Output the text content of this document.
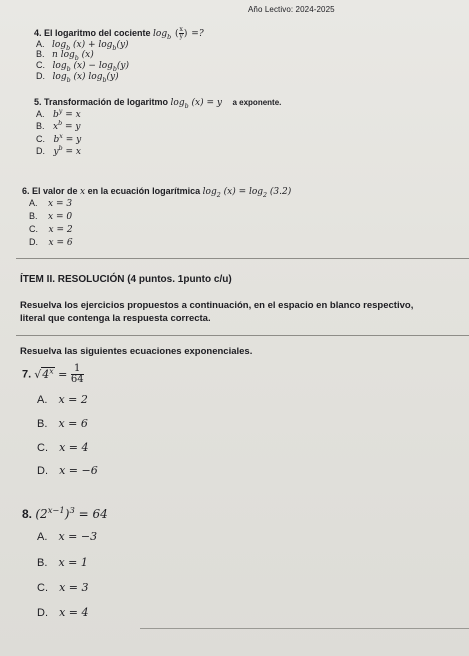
Año Lectivo: 2024-2025
4. El logaritmo del cociente $\log_b$ ( $\frac{x}{y}$ ) =?
A. $\log_b (x) + \log_b(y)$
B. n $\log_b (x)$
C. $\log_b (x) - \log_b(y)$
D. $\log_b (x)$ $\log_b(y)$
5. Transformación de logaritmo $\log_b (x) = y$ a exponente.
A. $b^y = x$
B. $x^b = y$
C. $b^x = y$
D. $y^b = x$
6. El valor de x en la ecuación logarítmica $\log_2 (x) = \log_2 (3.2)$
A. x = 3
B. x = 0
C. x = 2
D. x = 6
ÍTEM II. RESOLUCIÓN (4 puntos. 1punto c/u)
Resuelva los ejercicios propuestos a continuación, en el espacio en blanco respectivo,
literal que contenga la respuesta correcta.
Resuelva las siguientes ecuaciones exponenciales.
7. $√4^x = \frac{1}{64}$
A. x = 2
B. x = 6
C. x = 4
D. x = −6
8. $(2^{x-1})^3 = 64$
A. x = −3
B. x = 1
C. x = 3
D. x = 4
